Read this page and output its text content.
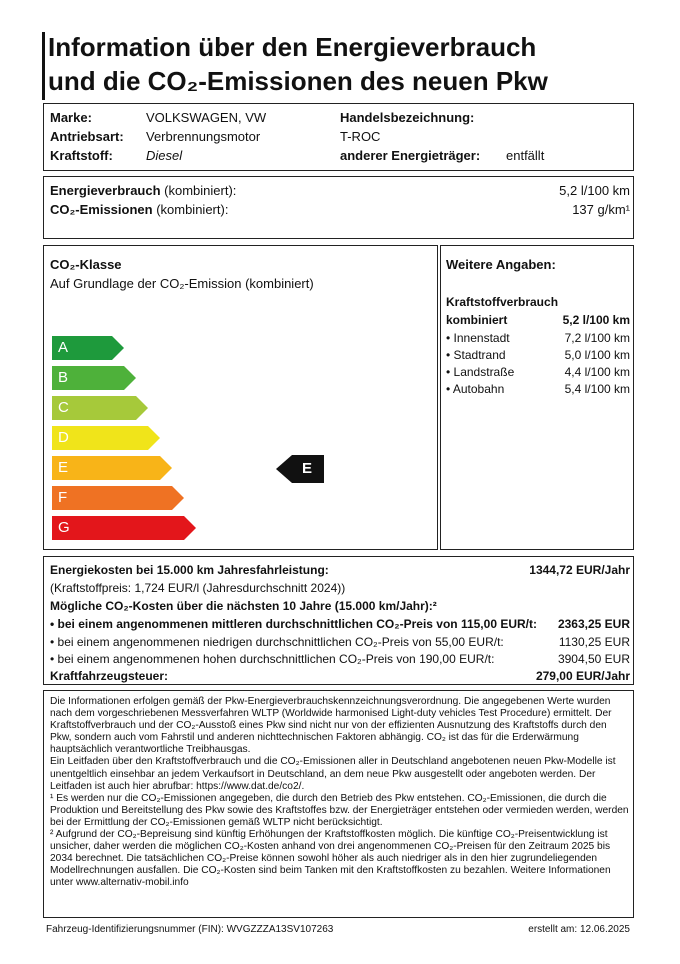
Information über den Energieverbrauch
und die CO₂-Emissionen des neuen Pkw
Marke:	VOLKSWAGEN, VW
Antriebsart: Verbrennungsmotor
Kraftstoff:	Diesel
Handelsbezeichnung:
T-ROC
anderer Energieträger: entfällt
Energieverbrauch (kombiniert):	5,2 l/100 km
CO₂-Emissionen (kombiniert):	137 g/km¹
CO₂-Klasse
Auf Grundlage der CO₂-Emission (kombiniert)
A
B
C
D
E
F
G
E
Weitere Angaben:
Kraftstoffverbrauch
kombiniert	5,2 l/100 km
• Innenstadt	7,2 l/100 km
• Stadtrand	5,0 l/100 km
• Landstraße	4,4 l/100 km
• Autobahn	5,4 l/100 km
Energiekosten bei 15.000 km Jahresfahrleistung:	1344,72 EUR/Jahr
(Kraftstoffpreis: 1,724 EUR/l (Jahresdurchschnitt 2024))
Mögliche CO₂-Kosten über die nächsten 10 Jahre (15.000 km/Jahr):²
• bei einem angenommenen mittleren durchschnittlichen CO₂-Preis von 115,00 EUR/t: 2363,25 EUR
• bei einem angenommenen niedrigen durchschnittlichen CO₂-Preis von 55,00 EUR/t:	1130,25 EUR
• bei einem angenommenen hohen durchschnittlichen CO₂-Preis von 190,00 EUR/t:	3904,50 EUR
Kraftfahrzeugsteuer:	279,00 EUR/Jahr

Die Informationen erfolgen gemäß der Pkw-Energieverbrauchskennzeichnungsverordnung. Die angegebenen Werte wurden nach dem vorgeschriebenen Messverfahren WLTP (Worldwide harmonised Light-duty vehicles Test Procedure) ermittelt. Der Kraftstoffverbrauch und der CO₂-Ausstoß eines Pkw sind nicht nur von der effizienten Ausnutzung des Kraftstoffs durch den Pkw, sondern auch vom Fahrstil und anderen nichttechnischen Faktoren abhängig. CO₂ ist das für die Erderwärmung hauptsächlich verantwortliche Treibhausgas.

Ein Leitfaden über den Kraftstoffverbrauch und die CO₂-Emissionen aller in Deutschland angebotenen neuen Pkw-Modelle ist unentgeltlich einsehbar an jedem Verkaufsort in Deutschland, an dem neue Pkw ausgestellt oder angeboten werden. Der Leitfaden ist auch hier abrufbar: https://www.dat.de/co2/.

¹ Es werden nur die CO₂-Emissionen angegeben, die durch den Betrieb des Pkw entstehen. CO₂-Emissionen, die durch die Produktion und Bereitstellung des Pkw sowie des Kraftstoffes bzw. der Energieträger entstehen oder vermieden werden, werden bei der Ermittlung der CO₂-Emissionen gemäß WLTP nicht berücksichtigt.

² Aufgrund der CO₂-Bepreisung sind künftig Erhöhungen der Kraftstoffkosten möglich. Die künftige CO₂-Preisentwicklung ist unsicher, daher werden die möglichen CO₂-Kosten anhand von drei angenommenen CO₂-Preisen für den Zeitraum 2025 bis 2034 berechnet. Die tatsächlichen CO₂-Preise können sowohl höher als auch niedriger als in den hier zugrundeliegenden Modellrechnungen ausfallen. Die CO₂-Kosten sind beim Tanken mit den Kraftstoffkosten zu bezahlen. Weitere Informationen unter www.alternativ-mobil.info

Fahrzeug-Identifizierungsnummer (FIN): WVGZZZA13SV107263	erstellt am: 12.06.2025
